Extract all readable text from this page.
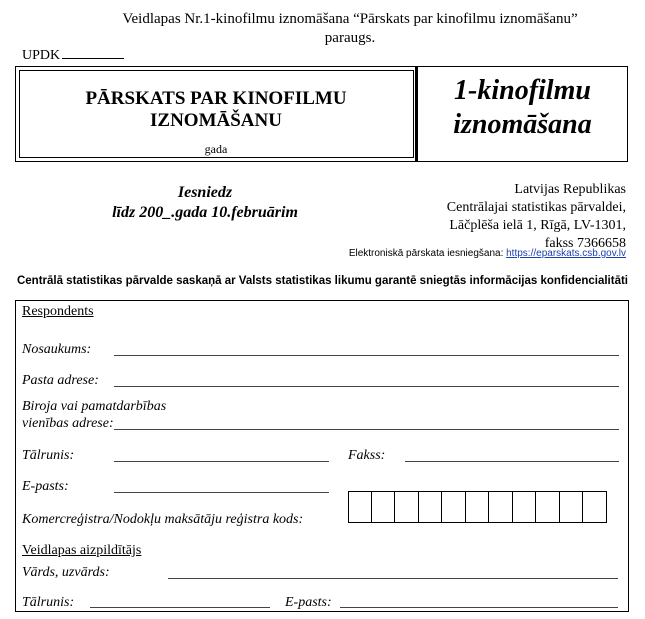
Veidlapas Nr.1-kinofilmu iznomāšana “Pārskats par kinofilmu iznomāšanu”
paraugs.
UPDK
PĀRSKATS PAR KINOFILMU
IZNOMĀŠANU
gada
1-kinofilmu
iznomāšana
Iesniedz
līdz 200_.gada 10.februārim
Latvijas Republikas
Centrālajai statistikas pārvaldei,
Lāčplēša ielā 1, Rīgā, LV-1301,
fakss 7366658
Elektroniskā pārskata iesniegšana: https://eparskats.csb.gov.lv
Centrālā statistikas pārvalde saskaņā ar Valsts statistikas likumu garantē sniegtās informācijas konfidencialitāti
Respondents
Nosaukums:
Pasta adrese:
Biroja vai pamatdarbības
vienības adrese:
Tālrunis:	Fakss:
E-pasts:
Komercreģistra/Nodokļu maksātāju reģistra kods:
Veidlapas aizpildītājs
Vārds, uzvārds:
Tālrunis:	E-pasts:
